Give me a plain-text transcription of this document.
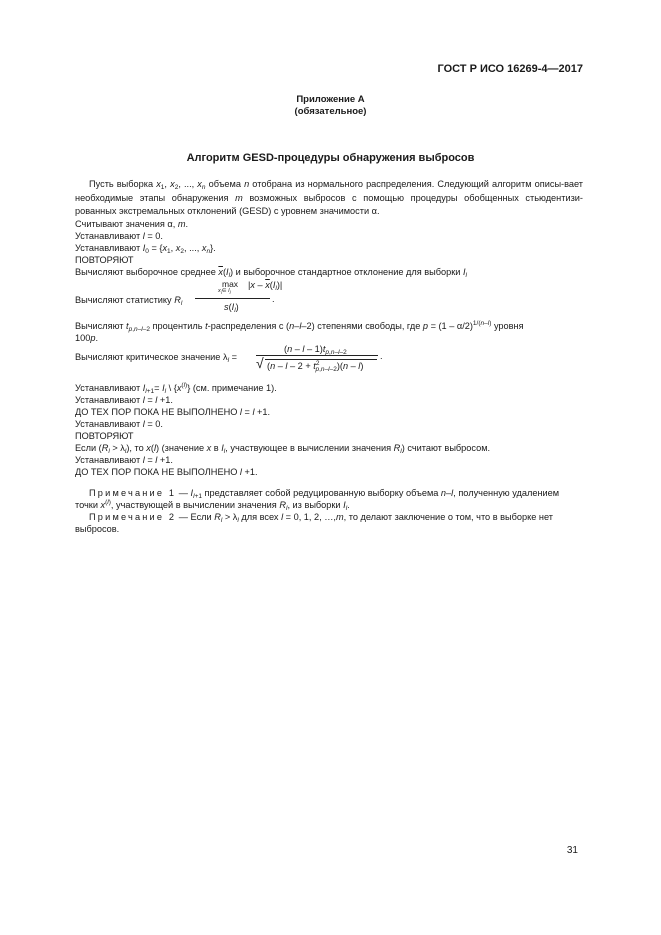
ГОСТ Р ИСО 16269-4—2017
Приложение А
(обязательное)
Алгоритм GESD-процедуры обнаружения выбросов
Пусть выборка $x_1$, $x_2$, ..., $x_n$ объема n отобрана из нормального распределения. Следующий алгоритм описы-вает необходимые этапы обнаружения m возможных выбросов с помощью процедуры обобщенных стьюдентизи-рованных экстремальных отклонений (GESD) с уровнем значимости α.
Считывают значения α, m.
Устанавливают l = 0.
Устанавливают $I_0 = \{x_1$, $x_2$, ..., $x_n$}.
ПОВТОРЯЮТ
Вычисляют выборочное среднее $\overline{x}(I_l)$ и выборочное стандартное отклонение для выборки $I_l$
max
$x_i\in$ $I_l$
$|x - \overline{x}(I_l)|$
Вычисляют статистику $R_l$	.
$s(I_l)$
Вычисляют $t_{p,n-l-2}$ процентиль t-распределения с (n–l–2) степенями свободы, где p = (1 – α/2)$^{1/(n-l)}$ уровня
100p.
(n – l – $1)t_{p,n-l-2}$
Вычисляют критическое значение $\lambda_l$ =	.
√ $(n - l - 2 + t^2_{p,n-l-2})(n - l)$
Устанавливают $I_{l+1}= I_l$ \ $\{x^{(l)}\}$ (см. примечание 1).
Устанавливают l = l +1.
ДО ТЕХ ПОР ПОКА НЕ ВЫПОЛНЕНО l = l +1.
Устанавливают l = 0.
ПОВТОРЯЮТ
Если $(R_l > \lambda_l)$, то x(l) (значение x в $I_l$, участвующее в вычислении значения $R_l$) считают выбросом.
Устанавливают l = l +1.
ДО ТЕХ ПОР ПОКА НЕ ВЫПОЛНЕНО l +1.
Примечание 1 — $I_{l+1}$ представляет собой редуцированную выборку объема n–l, полученную удалением
точки $x^{(l)}$, участвующей в вычислении значения $R_l$, из выборки $I_l$.
Примечание 2 — Если $R_l > \lambda_l$ для всех l = 0, 1, 2, …,m, то делают заключение о том, что в выборке нет
выбросов.
31
